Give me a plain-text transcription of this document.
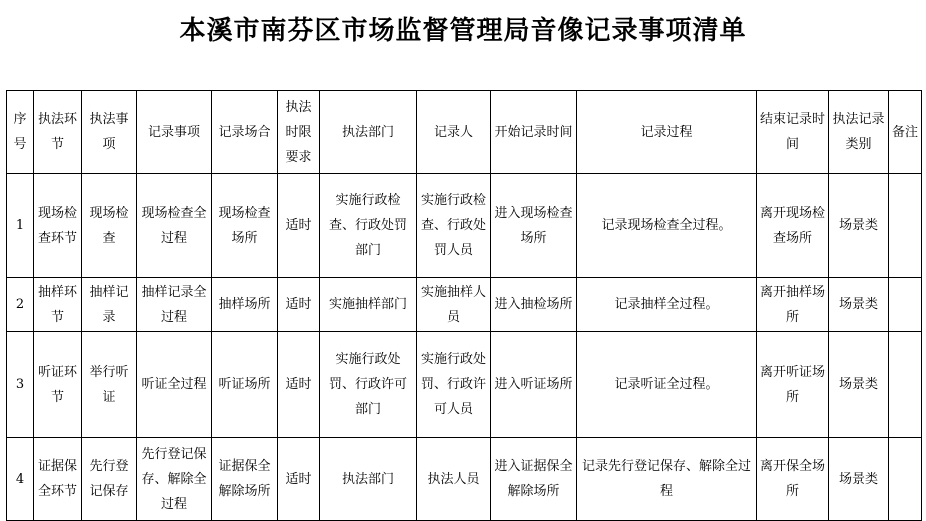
本溪市南芬区市场监督管理局音像记录事项清单
序号	执法环节	执法事项	记录事项	记录场合	执法时限要求	执法部门	记录人	开始记录时间	记录过程	结束记录时间	执法记录类别	备注
1	现场检查环节	现场检查	现场检查全过程	现场检查场所	适时	实施行政检查、行政处罚部门	实施行政检查、行政处罚人员	进入现场检查场所	记录现场检查全过程。	离开现场检查场所	场景类	
2	抽样环节	抽样记录	抽样记录全过程	抽样场所	适时	实施抽样部门	实施抽样人员	进入抽检场所	记录抽样全过程。	离开抽样场所	场景类	
3	听证环节	举行听证	听证全过程	听证场所	适时	实施行政处罚、行政许可部门	实施行政处罚、行政许可人员	进入听证场所	记录听证全过程。	离开听证场所	场景类	
4	证据保全环节	先行登记保存	先行登记保存、解除全过程	证据保全解除场所	适时	执法部门	执法人员	进入证据保全解除场所	记录先行登记保存、解除全过程	离开保全场所	场景类	
